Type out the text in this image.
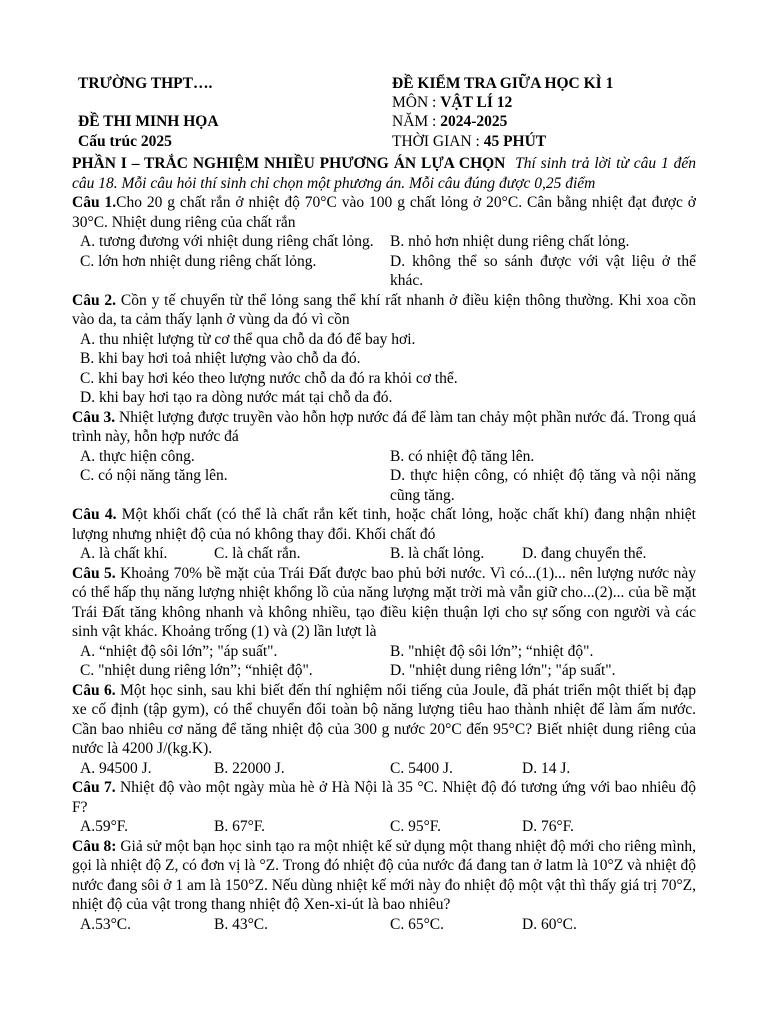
TRƯỜNG THPT….
ĐỀ THI MINH HỌA
Cấu trúc 2025
ĐỀ KIỂM TRA GIỮA HỌC KÌ 1
MÔN : VẬT LÍ 12
NĂM : 2024-2025
THỜI GIAN : 45 PHÚT
PHẦN I – TRẮC NGHIỆM NHIỀU PHƯƠNG ÁN LỰA CHỌN Thí sinh trả lời từ câu 1 đến câu 18. Mỗi câu hỏi thí sinh chỉ chọn một phương án. Mỗi câu đúng được 0,25 điểm

Câu 1.Cho 20 g chất rắn ở nhiệt độ 70°C vào 100 g chất lỏng ở 20°C. Cân bằng nhiệt đạt được ở 30°C. Nhiệt dung riêng của chất rắn

A. tương đương với nhiệt dung riêng chất lỏng.	B. nhỏ hơn nhiệt dung riêng chất lỏng.
C. lớn hơn nhiệt dung riêng chất lỏng.	D. không thể so sánh được với vật liệu ở thể khác.

Câu 2. Cồn y tế chuyển từ thể lỏng sang thể khí rất nhanh ở điều kiện thông thường. Khi xoa cồn vào da, ta cảm thấy lạnh ở vùng da đó vì cồn

A. thu nhiệt lượng từ cơ thể qua chỗ da đó để bay hơi.
B. khi bay hơi toả nhiệt lượng vào chỗ da đó.
C. khi bay hơi kéo theo lượng nước chỗ da đó ra khỏi cơ thể.
D. khi bay hơi tạo ra dòng nước mát tại chỗ da đó.

Câu 3. Nhiệt lượng được truyền vào hỗn hợp nước đá để làm tan chảy một phần nước đá. Trong quá trình này, hỗn hợp nước đá

A. thực hiện công.	B. có nhiệt độ tăng lên.
C. có nội năng tăng lên.	D. thực hiện công, có nhiệt độ tăng và nội năng cũng tăng.

Câu 4. Một khối chất (có thể là chất rắn kết tinh, hoặc chất lỏng, hoặc chất khí) đang nhận nhiệt lượng nhưng nhiệt độ của nó không thay đổi. Khối chất đó

A. là chất khí.	C. là chất rắn.	B. là chất lỏng.	D. đang chuyển thể.

Câu 5. Khoảng 70% bề mặt của Trái Đất được bao phủ bởi nước. Vì có...(1)... nên lượng nước này có thể hấp thụ năng lượng nhiệt khổng lồ của năng lượng mặt trời mà vẫn giữ cho...(2)... của bề mặt Trái Đất tăng không nhanh và không nhiều, tạo điều kiện thuận lợi cho sự sống con người và các sinh vật khác. Khoảng trống (1) và (2) lần lượt là

A. “nhiệt độ sôi lớn”; "áp suất".	B. "nhiệt độ sôi lớn”; “nhiệt độ".
C. "nhiệt dung riêng lớn”; “nhiệt độ".	D. "nhiệt dung riêng lớn"; "áp suất".

Câu 6. Một học sinh, sau khi biết đến thí nghiệm nổi tiếng của Joule, đã phát triển một thiết bị đạp xe cố định (tập gym), có thể chuyển đổi toàn bộ năng lượng tiêu hao thành nhiệt để làm ấm nước. Cần bao nhiêu cơ năng để tăng nhiệt độ của 300 g nước 20°C đến 95°C? Biết nhiệt dung riêng của nước là 4200 J/(kg.K).

A. 94500 J.	B. 22000 J.	C. 5400 J.	D. 14 J.

Câu 7. Nhiệt độ vào một ngày mùa hè ở Hà Nội là 35 °C. Nhiệt độ đó tương ứng với bao nhiêu độ F?

A.59°F.	B. 67°F.	C. 95°F.	D. 76°F.

Câu 8: Giả sử một bạn học sinh tạo ra một nhiệt kế sử dụng một thang nhiệt độ mới cho riêng mình, gọi là nhiệt độ Z, có đơn vị là °Z. Trong đó nhiệt độ của nước đá đang tan ở latm là 10°Z và nhiệt độ nước đang sôi ở 1 am là 150°Z. Nếu dùng nhiệt kế mới này đo nhiệt độ một vật thì thấy giá trị 70°Z, nhiệt độ của vật trong thang nhiệt độ Xen-xi-út là bao nhiêu?

A.53°C.	B. 43°C.	C. 65°C.	D. 60°C.
